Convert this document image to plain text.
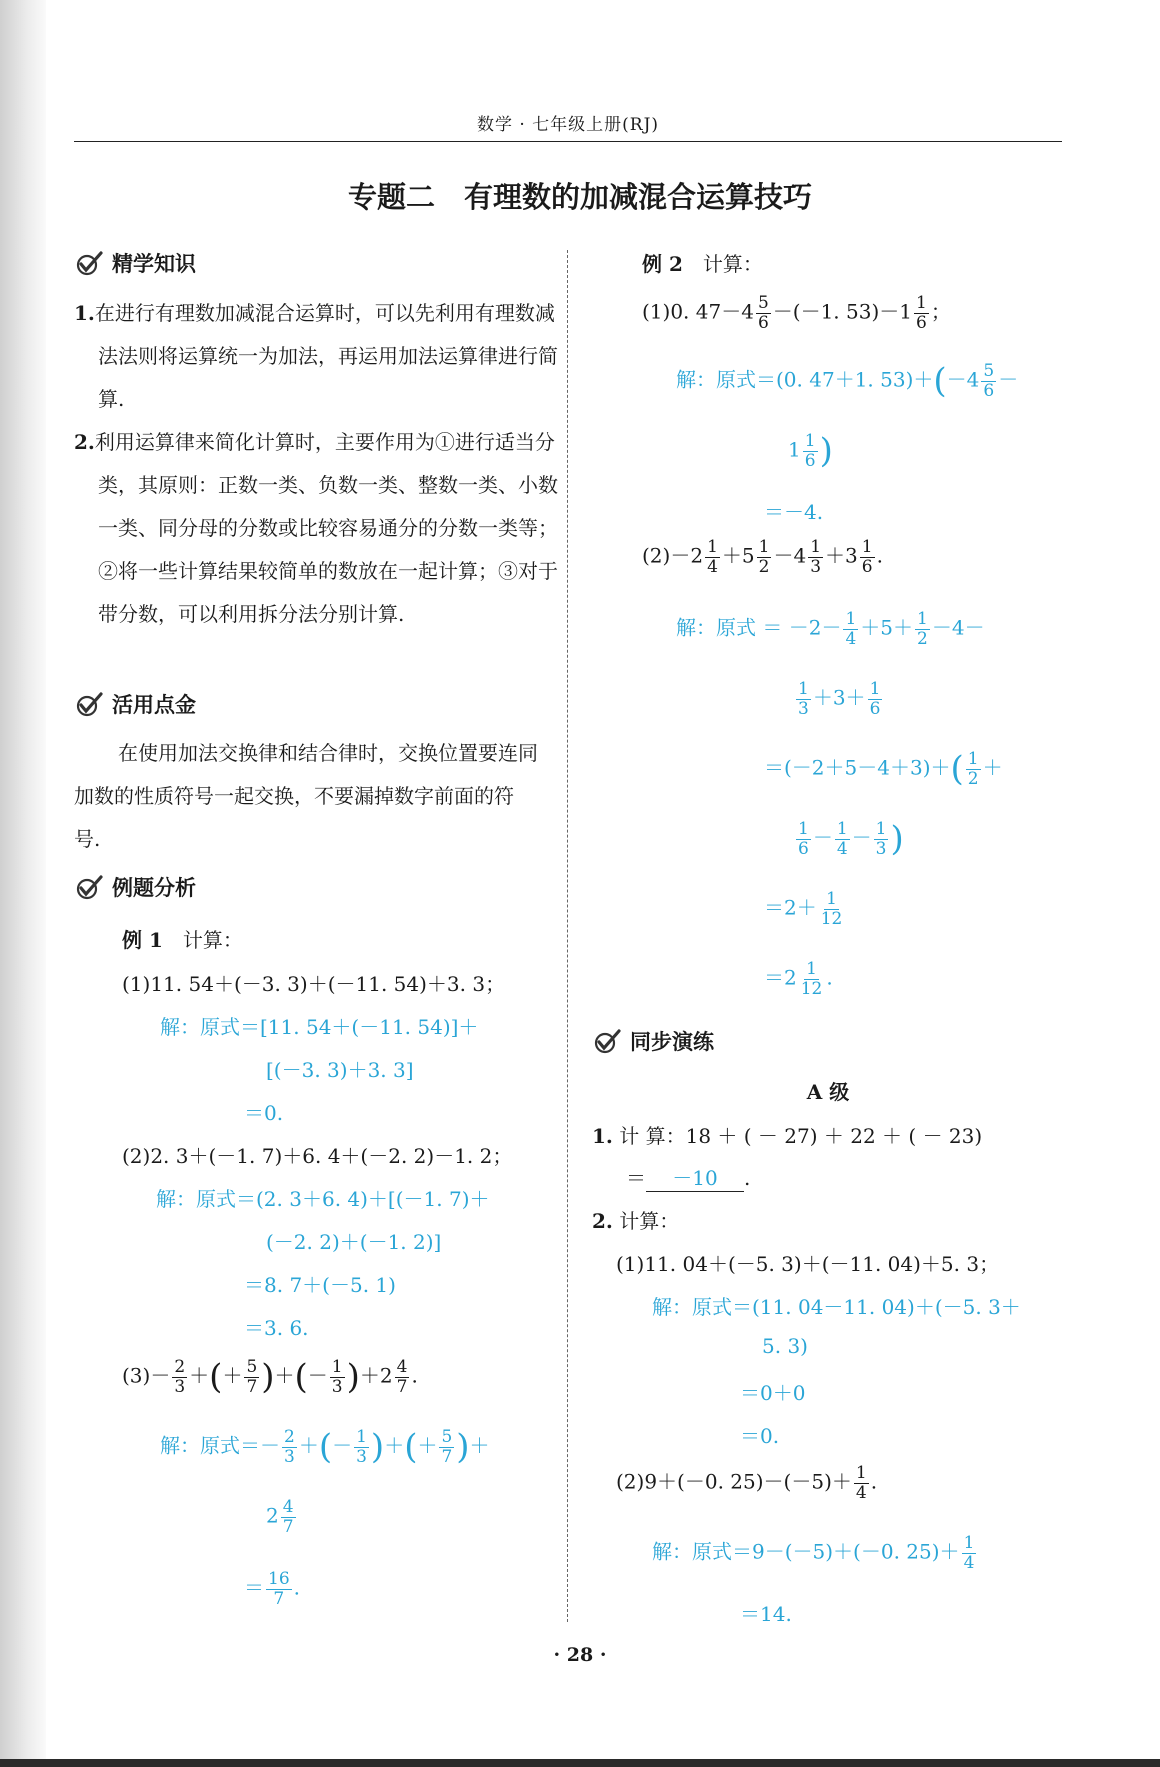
数学 · 七年级上册(RJ)
专题二　有理数的加减混合运算技巧
精学知识
1.在进行有理数加减混合运算时，可以先利用有理数减法法则将运算统一为加法，再运用加法运算律进行简算.
2.利用运算律来简化计算时，主要作用为①进行适当分类，其原则：正数一类、负数一类、整数一类、小数一类、同分母的分数或比较容易通分的分数一类等；②将一些计算结果较简单的数放在一起计算；③对于带分数，可以利用拆分法分别计算.
活用点金
在使用加法交换律和结合律时，交换位置要连同加数的性质符号一起交换，不要漏掉数字前面的符号.
例题分析
例 1　 计算：
(1)11. 54＋(－3. 3)＋(－11. 54)＋3. 3；
解：原式＝[11. 54＋(－11. 54)]＋
[(－3. 3)＋3. 3]
＝0.
(2)2. 3＋(－1. 7)＋6. 4＋(－2. 2)－1. 2；
解：原式＝(2. 3＋6. 4)＋[(－1. 7)＋
(－2. 2)＋(－1. 2)]
＝8. 7＋(－5. 1)
＝3. 6.
$(3)- \frac{2}{3}$ ＋(＋ $\frac{5}{7}$ )＋(－ $\frac{1}{3} )+2 \frac{4}{7}$ .
解：原式＝－ $\frac{2}{3}$ ＋(－ $\frac{1}{3}$ )＋(＋ $\frac{5}{7}$ )＋
$2 \frac{4}{7}$
＝ $\frac{16}{7}$ .
例 2　 计算：
(1)0. $47-4 \frac{5}{6} -(-1$. $53)-1 \frac{1}{6}$ ；
解：原式＝(0. 47＋1. $53)+(-4 \frac{5}{6}$ －
$1 \frac{1}{6}$ )
＝－4.
$(2)-2 \frac{1}{4} +5 \frac{1}{2} -4 \frac{1}{3} +3 \frac{1}{6}$ .
解：原式 ＝ $-2- \frac{1}{4} +5+ \frac{1}{2} -4-$
$\frac{1}{3} +3+ \frac{1}{6}$
$=(-2+5-4+3)+( \frac{1}{2}$ ＋
$\frac{1}{6} - \frac{1}{4} - \frac{1}{3}$ )
$=2+ \frac{1}{12}$
$=2 \frac{1}{12}$ .
同步演练
A 级
1. 计 算：18 ＋ ( － 27) ＋ 22 ＋ ( － 23)
＝ －10 .
2. 计算：
(1)11. 04＋(－5. 3)＋(－11. 04)＋5. 3；
解：原式＝(11. 04－11. 04)＋(－5. 3＋
5. 3)
＝0＋0
＝0.
(2)9＋(－0. $25)-(-5)+ \frac{1}{4}$ .
解：原式＝9－(－5)＋(－0. $25)+ \frac{1}{4}$
＝14.
· 28 ·
